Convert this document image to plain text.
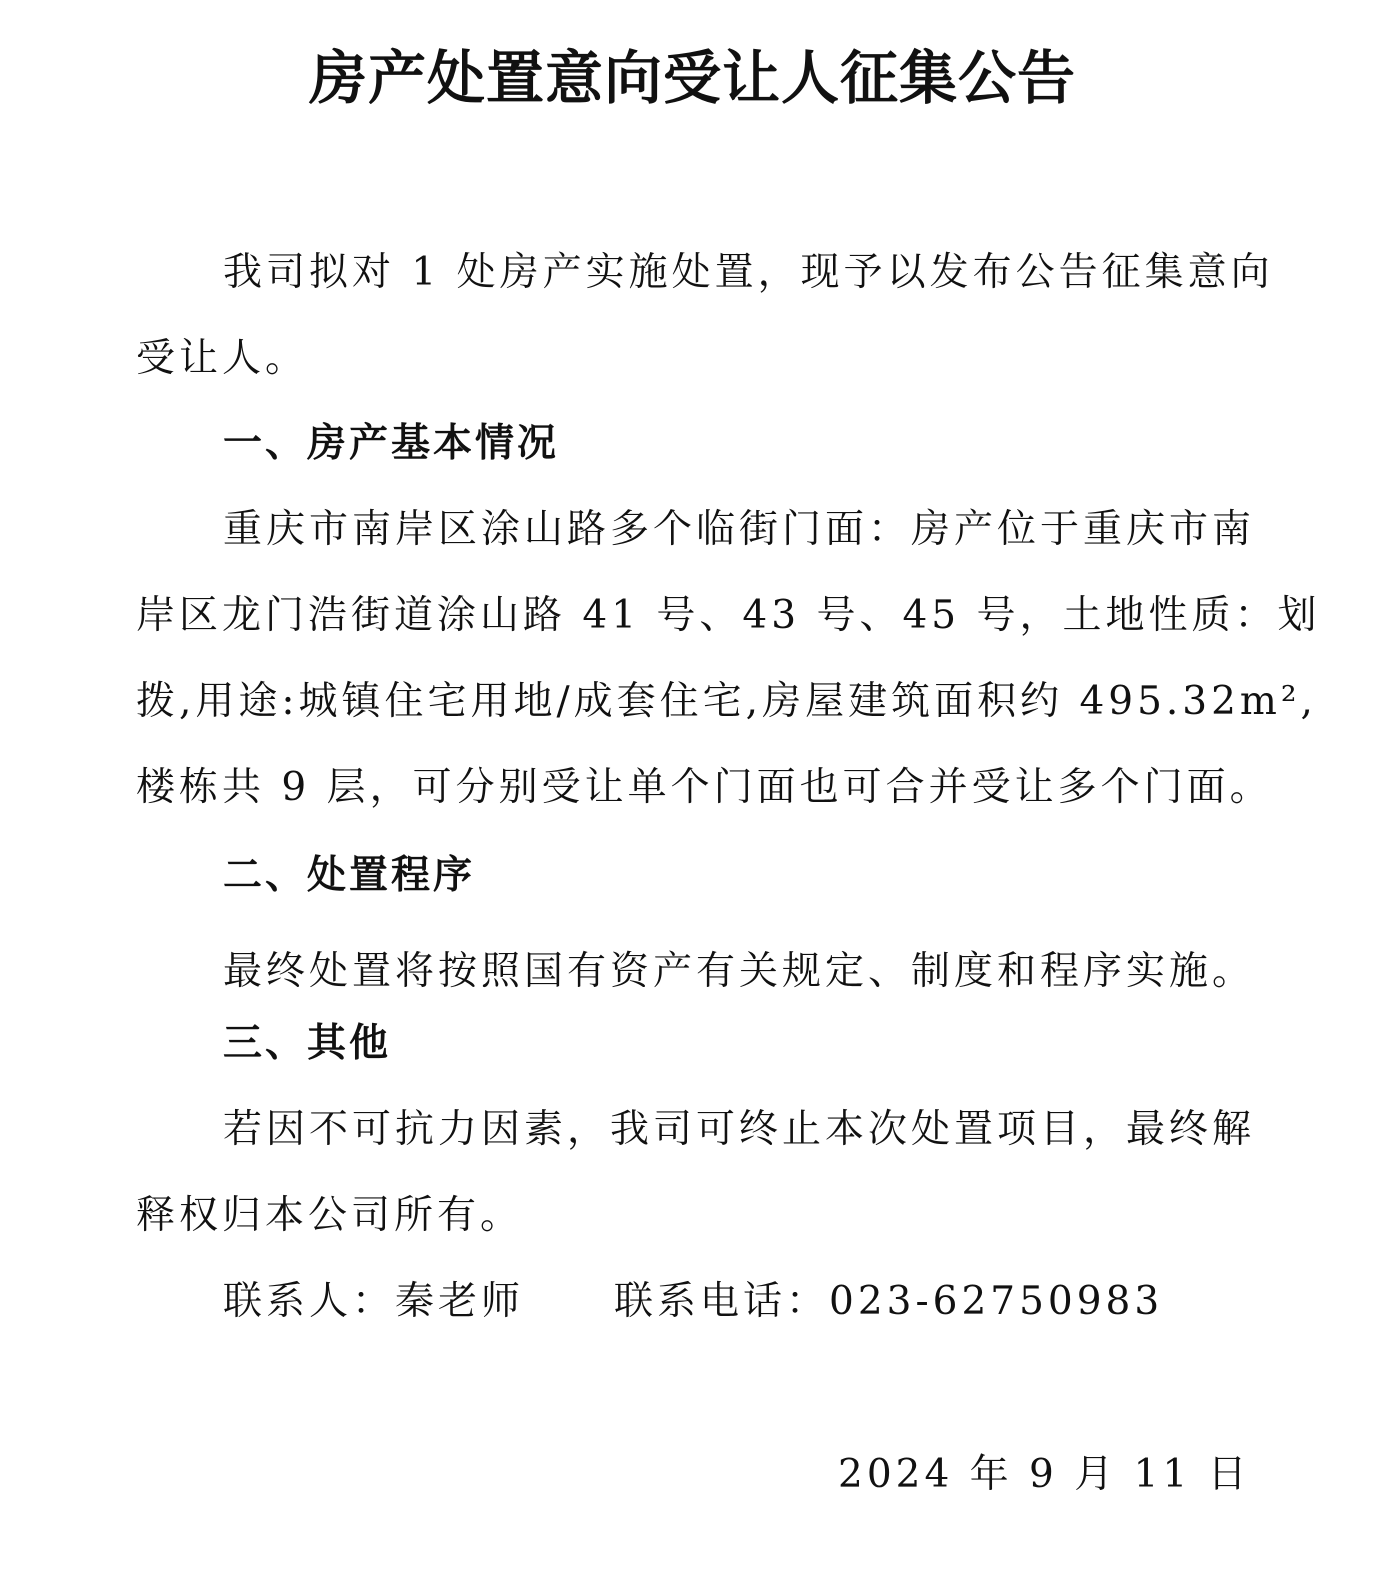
房产处置意向受让人征集公告
我司拟对 1 处房产实施处置，现予以发布公告征集意向
受让人。
一、房产基本情况
重庆市南岸区涂山路多个临街门面：房产位于重庆市南
岸区龙门浩街道涂山路 41 号、43 号、45 号，土地性质：划
拨,用途:城镇住宅用地/成套住宅,房屋建筑面积约 495.32m²,
楼栋共 9 层，可分别受让单个门面也可合并受让多个门面。
二、处置程序
最终处置将按照国有资产有关规定、制度和程序实施。
三、其他
若因不可抗力因素，我司可终止本次处置项目，最终解
释权归本公司所有。
联系人：秦老师 联系电话：023-62750983
2024 年 9 月 11 日
